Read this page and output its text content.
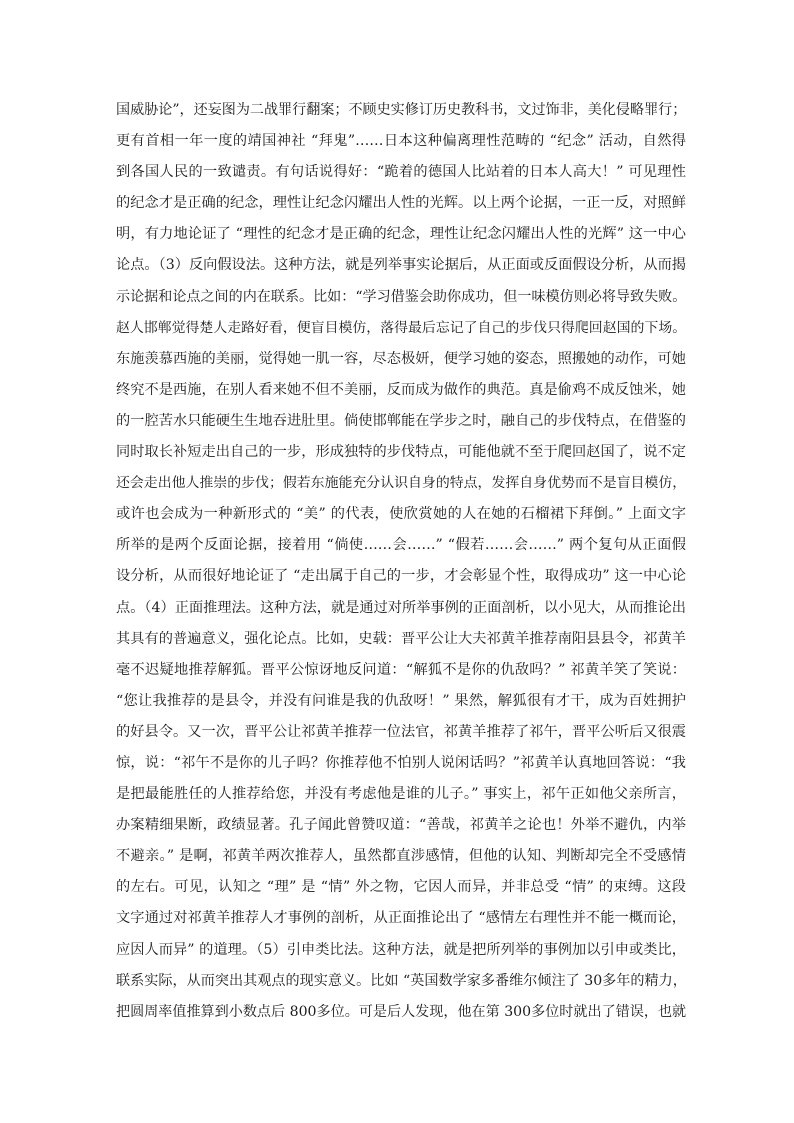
国威胁论”，还妄图为二战罪行翻案；不顾史实修订历史教科书，文过饰非，美化侵略罪行；
更有首相一年一度的靖国神社 “拜鬼”……日本这种偏离理性范畴的 “纪念” 活动，自然得
到各国人民的一致谴责。有句话说得好：“跪着的德国人比站着的日本人高大！” 可见理性
的纪念才是正确的纪念，理性让纪念闪耀出人性的光辉。以上两个论据，一正一反，对照鲜
明，有力地论证了 “理性的纪念才是正确的纪念，理性让纪念闪耀出人性的光辉” 这一中心
论点。（3）反向假设法。这种方法，就是列举事实论据后，从正面或反面假设分析，从而揭
示论据和论点之间的内在联系。比如：“学习借鉴会助你成功，但一味模仿则必将导致失败。
赵人邯郸觉得楚人走路好看，便盲目模仿，落得最后忘记了自己的步伐只得爬回赵国的下场。
东施羡慕西施的美丽，觉得她一肌一容，尽态极妍，便学习她的姿态，照搬她的动作，可她
终究不是西施，在别人看来她不但不美丽，反而成为做作的典范。真是偷鸡不成反蚀米，她
的一腔苦水只能硬生生地吞进肚里。倘使邯郸能在学步之时，融自己的步伐特点，在借鉴的
同时取长补短走出自己的一步，形成独特的步伐特点，可能他就不至于爬回赵国了，说不定
还会走出他人推崇的步伐；假若东施能充分认识自身的特点，发挥自身优势而不是盲目模仿，
或许也会成为一种新形式的 “美” 的代表，使欣赏她的人在她的石榴裙下拜倒。” 上面文字
所举的是两个反面论据，接着用 “倘使……会……” “假若……会……” 两个复句从正面假
设分析，从而很好地论证了 “走出属于自己的一步，才会彰显个性，取得成功” 这一中心论
点。（4）正面推理法。这种方法，就是通过对所举事例的正面剖析，以小见大，从而推论出
其具有的普遍意义，强化论点。比如，史载：晋平公让大夫祁黄羊推荐南阳县县令，祁黄羊
毫不迟疑地推荐解狐。晋平公惊讶地反问道：“解狐不是你的仇敌吗？” 祁黄羊笑了笑说：
“您让我推荐的是县令，并没有问谁是我的仇敌呀！” 果然，解狐很有才干，成为百姓拥护
的好县令。又一次，晋平公让祁黄羊推荐一位法官，祁黄羊推荐了祁午，晋平公听后又很震
惊，说：“祁午不是你的儿子吗？你推荐他不怕别人说闲话吗？”祁黄羊认真地回答说：“我
是把最能胜任的人推荐给您，并没有考虑他是谁的儿子。” 事实上，祁午正如他父亲所言，
办案精细果断，政绩显著。孔子闻此曾赞叹道：“善哉，祁黄羊之论也！外举不避仇，内举
不避亲。” 是啊，祁黄羊两次推荐人，虽然都直涉感情，但他的认知、判断却完全不受感情
的左右。可见，认知之 “理” 是 “情” 外之物，它因人而异，并非总受 “情” 的束缚。这段
文字通过对祁黄羊推荐人才事例的剖析，从正面推论出了 “感情左右理性并不能一概而论，
应因人而异” 的道理。（5）引申类比法。这种方法，就是把所列举的事例加以引申或类比，
联系实际，从而突出其观点的现实意义。比如 “英国数学家多番维尔倾注了 30多年的精力，
把圆周率值推算到小数点后 800多位。可是后人发现，他在第 300多位时就出了错误，也就
